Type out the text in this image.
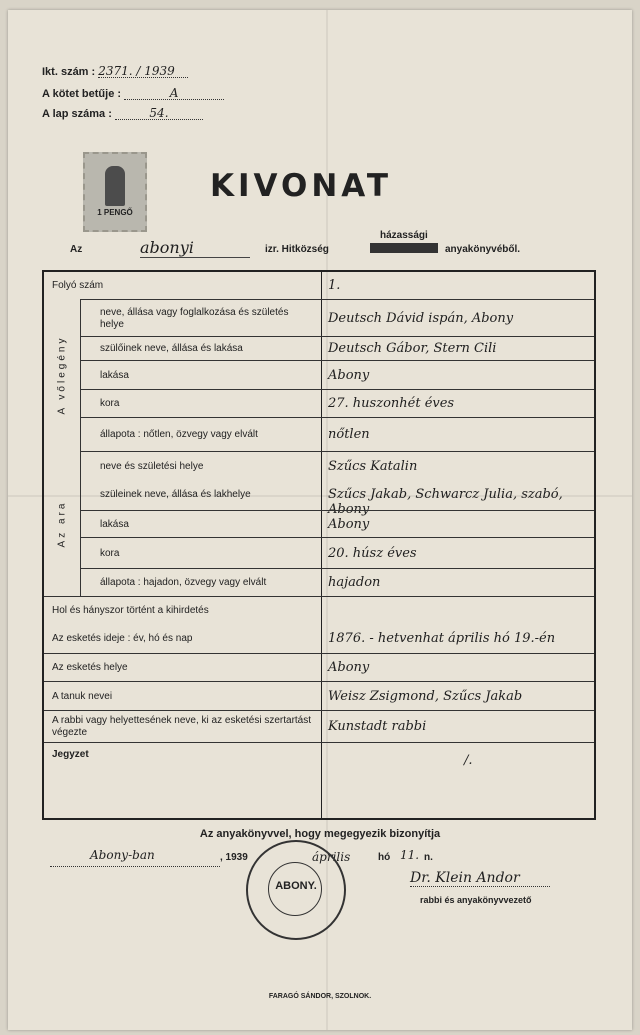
Ikt. szám : 2371. / 1939
A kötet betűje :	A
A lap száma :	54.
1 PENGŐ
KIVONAT
házassági
Az	abonyi	izr. Hitközség	anyakönyvéből.
A vőlegény
Az ara
Folyó szám	1.
neve, állása vagy foglalkozása és születés helye	Deutsch Dávid ispán, Abony
szülőinek neve, állása és lakása	Deutsch Gábor, Stern Cili
lakása	Abony
kora	27. huszonhét éves
állapota : nőtlen, özvegy vagy elvált	nőtlen
neve és születési helye	Szűcs Katalin
szüleinek neve, állása és lakhelye	Szűcs Jakab, Schwarcz Julia, szabó, Abony
lakása	Abony
kora	20. húsz éves
állapota : hajadon, özvegy vagy elvált	hajadon
Hol és hányszor történt a kihirdetés
Az esketés ideje : év, hó és nap	1876. - hetvenhat április hó 19.-én
Az esketés helye	Abony
A tanuk nevei	Weisz Zsigmond, Szűcs Jakab
A rabbi vagy helyettesének neve, ki az esketési szertartást végezte	Kunstadt rabbi
Jegyzet	/.
Az anyakönyvvel, hogy megegyezik bizonyítja
Abony-ban	, 1939	április	hó 11. n.
ABONY.	Dr. Klein Andor
rabbi és anyakönyvvezető
FARAGÓ SÁNDOR, SZOLNOK.
